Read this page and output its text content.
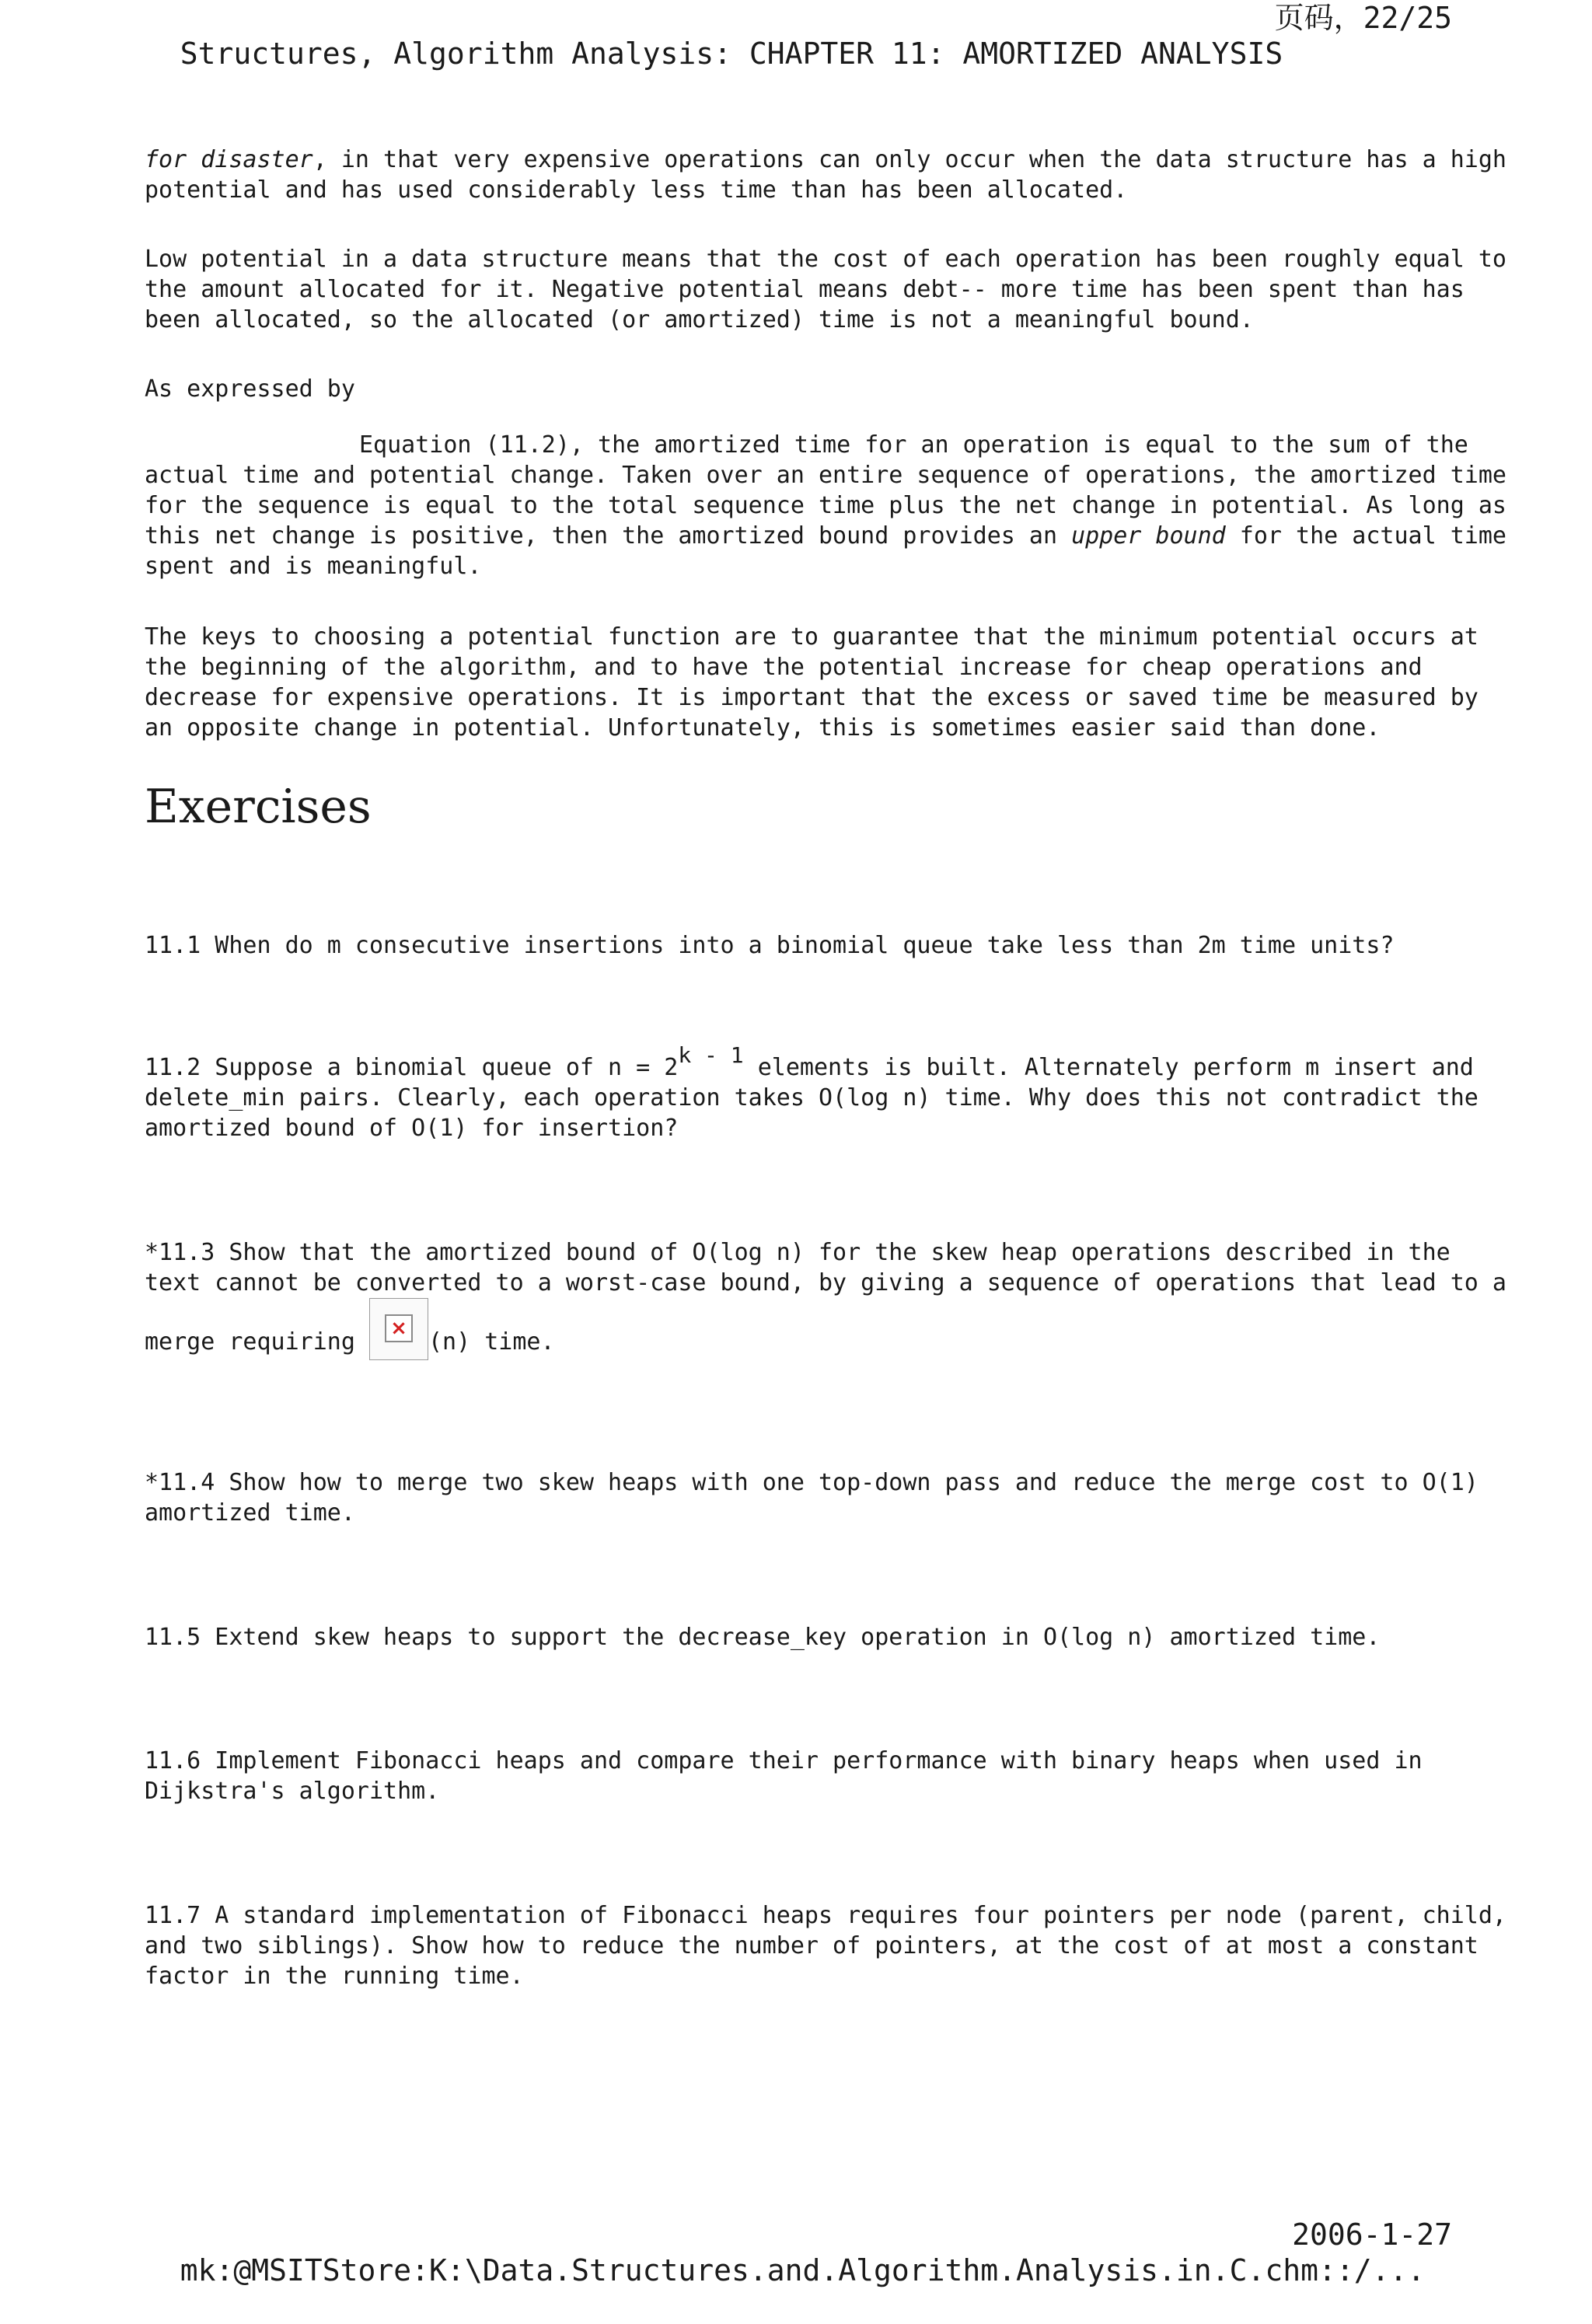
Structures, Algorithm Analysis: CHAPTER 11: AMORTIZED ANALYSIS

页码，22/25

for disaster, in that very expensive operations can only occur when the data structure has a high
potential and has used considerably less time than has been allocated.
Low potential in a data structure means that the cost of each operation has been roughly equal to
the amount allocated for it. Negative potential means debt-- more time has been spent than has
been allocated, so the allocated (or amortized) time is not a meaningful bound.
As expressed by
Equation (11.2), the amortized time for an operation is equal to the sum of the
actual time and potential change. Taken over an entire sequence of operations, the amortized time
for the sequence is equal to the total sequence time plus the net change in potential. As long as
this net change is positive, then the amortized bound provides an upper bound for the actual time
spent and is meaningful.
The keys to choosing a potential function are to guarantee that the minimum potential occurs at
the beginning of the algorithm, and to have the potential increase for cheap operations and
decrease for expensive operations. It is important that the excess or saved time be measured by
an opposite change in potential. Unfortunately, this is sometimes easier said than done.
Exercises
11.1 When do m consecutive insertions into a binomial queue take less than 2m time units?
11.2 Suppose a binomial queue of $n = 2^{k - 1}$ elements is built. Alternately perform m insert and
delete_min pairs. Clearly, each operation takes O(log n) time. Why does this not contradict the
amortized bound of O(1) for insertion?
*11.3 Show that the amortized bound of O(log n) for the skew heap operations described in the
text cannot be converted to a worst-case bound, by giving a sequence of operations that lead to a
merge requiring × (n) time.
*11.4 Show how to merge two skew heaps with one top-down pass and reduce the merge cost to O(1)
amortized time.
11.5 Extend skew heaps to support the decrease_key operation in O(log n) amortized time.
11.6 Implement Fibonacci heaps and compare their performance with binary heaps when used in
Dijkstra's algorithm.
11.7 A standard implementation of Fibonacci heaps requires four pointers per node (parent, child,
and two siblings). Show how to reduce the number of pointers, at the cost of at most a constant
factor in the running time.

mk:@MSITStore:K:\Data.Structures.and.Algorithm.Analysis.in.C.chm::/...

2006-1-27
